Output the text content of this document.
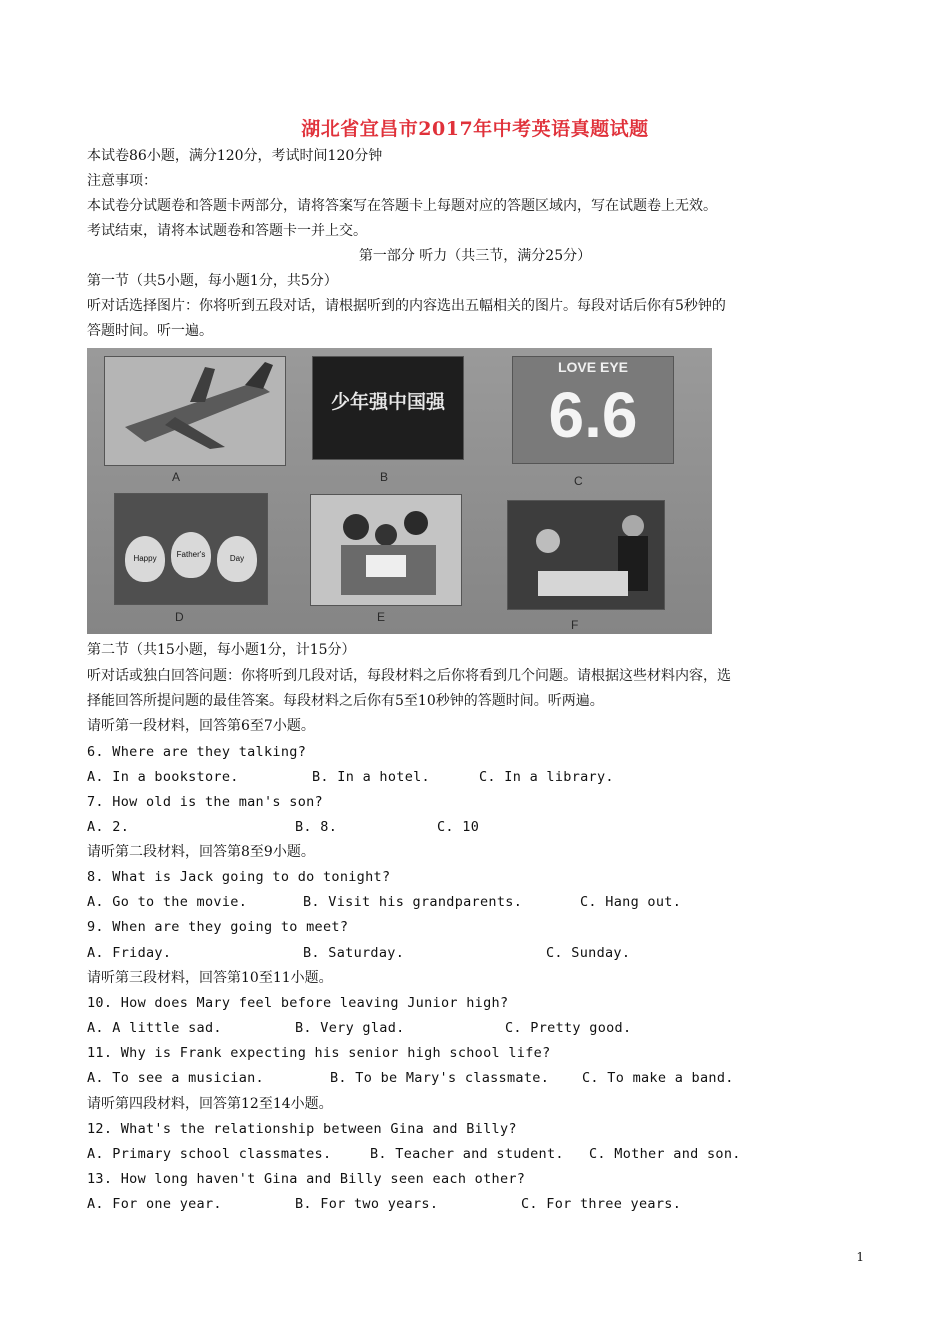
湖北省宜昌市2017年中考英语真题试题
本试卷86小题，满分120分，考试时间120分钟
注意事项：
本试卷分试题卷和答题卡两部分，请将答案写在答题卡上每题对应的答题区域内，写在试题卷上无效。
考试结束，请将本试题卷和答题卡一并上交。
第一部分 听力（共三节，满分25分）
第一节（共5小题，每小题1分，共5分）
听对话选择图片：你将听到五段对话，请根据听到的内容选出五幅相关的图片。每段对话后你有5秒钟的
答题时间。听一遍。
A
少年强中国强
B
LOVE EYE
6.6
C
Happy	Father's	Day
D	E
F
第二节（共15小题，每小题1分，计15分）
听对话或独白回答问题：你将听到几段对话，每段材料之后你将看到几个问题。请根据这些材料内容，选
择能回答所提问题的最佳答案。每段材料之后你有5至10秒钟的答题时间。听两遍。
请听第一段材料，回答第6至7小题。
6. Where are they talking?
A. In a bookstore.	B. In a hotel.	C. In a library.
7. How old is the man's son?
A. 2.	B. 8.	C. 10
请听第二段材料，回答第8至9小题。
8. What is Jack going to do tonight?
A. Go to the movie.	B. Visit his grandparents.	C. Hang out.
9. When are they going to meet?
A. Friday.	B. Saturday.	C. Sunday.
请听第三段材料，回答第10至11小题。
10. How does Mary feel before leaving Junior high?
A. A little sad.	B. Very glad.	C. Pretty good.
11. Why is Frank expecting his senior high school life?
A. To see a musician.	B. To be Mary's classmate. C. To make a band.
请听第四段材料，回答第12至14小题。
12. What's the relationship between Gina and Billy?
A. Primary school classmates.	B. Teacher and student. C. Mother and son.
13. How long haven't Gina and Billy seen each other?
A. For one year.	B. For two years.	C. For three years.
1
